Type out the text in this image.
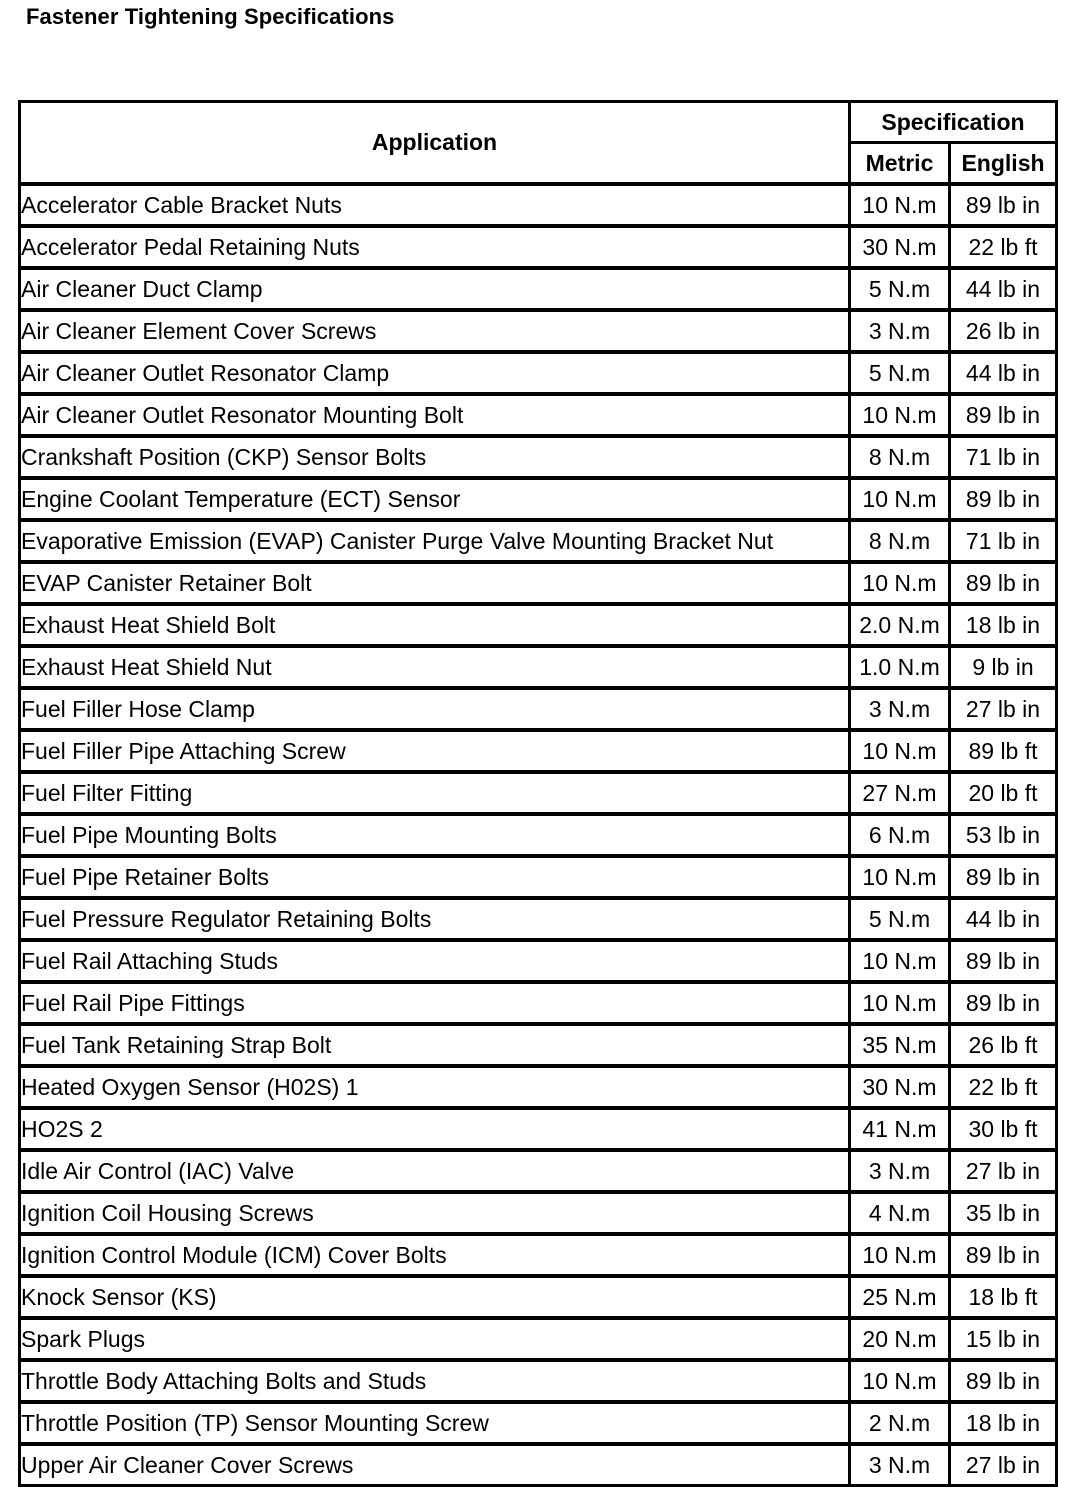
Fastener Tightening Specifications
Application	Specification	
	Metric	English
Accelerator Cable Bracket Nuts	10 N.m	89 lb in
Accelerator Pedal Retaining Nuts	30 N.m	22 lb ft
Air Cleaner Duct Clamp	5 N.m	44 lb in
Air Cleaner Element Cover Screws	3 N.m	26 lb in
Air Cleaner Outlet Resonator Clamp	5 N.m	44 lb in
Air Cleaner Outlet Resonator Mounting Bolt	10 N.m	89 lb in
Crankshaft Position (CKP) Sensor Bolts	8 N.m	71 lb in
Engine Coolant Temperature (ECT) Sensor	10 N.m	89 lb in
Evaporative Emission (EVAP) Canister Purge Valve Mounting Bracket Nut	8 N.m	71 lb in
EVAP Canister Retainer Bolt	10 N.m	89 lb in
Exhaust Heat Shield Bolt	2.0 N.m	18 lb in
Exhaust Heat Shield Nut	1.0 N.m	9 lb in
Fuel Filler Hose Clamp	3 N.m	27 lb in
Fuel Filler Pipe Attaching Screw	10 N.m	89 lb ft
Fuel Filter Fitting	27 N.m	20 lb ft
Fuel Pipe Mounting Bolts	6 N.m	53 lb in
Fuel Pipe Retainer Bolts	10 N.m	89 lb in
Fuel Pressure Regulator Retaining Bolts	5 N.m	44 lb in
Fuel Rail Attaching Studs	10 N.m	89 lb in
Fuel Rail Pipe Fittings	10 N.m	89 lb in
Fuel Tank Retaining Strap Bolt	35 N.m	26 lb ft
Heated Oxygen Sensor (H02S) 1	30 N.m	22 lb ft
HO2S 2	41 N.m	30 lb ft
Idle Air Control (IAC) Valve	3 N.m	27 lb in
Ignition Coil Housing Screws	4 N.m	35 lb in
Ignition Control Module (ICM) Cover Bolts	10 N.m	89 lb in
Knock Sensor (KS)	25 N.m	18 lb ft
Spark Plugs	20 N.m	15 lb in
Throttle Body Attaching Bolts and Studs	10 N.m	89 lb in
Throttle Position (TP) Sensor Mounting Screw	2 N.m	18 lb in
Upper Air Cleaner Cover Screws	3 N.m	27 lb in
